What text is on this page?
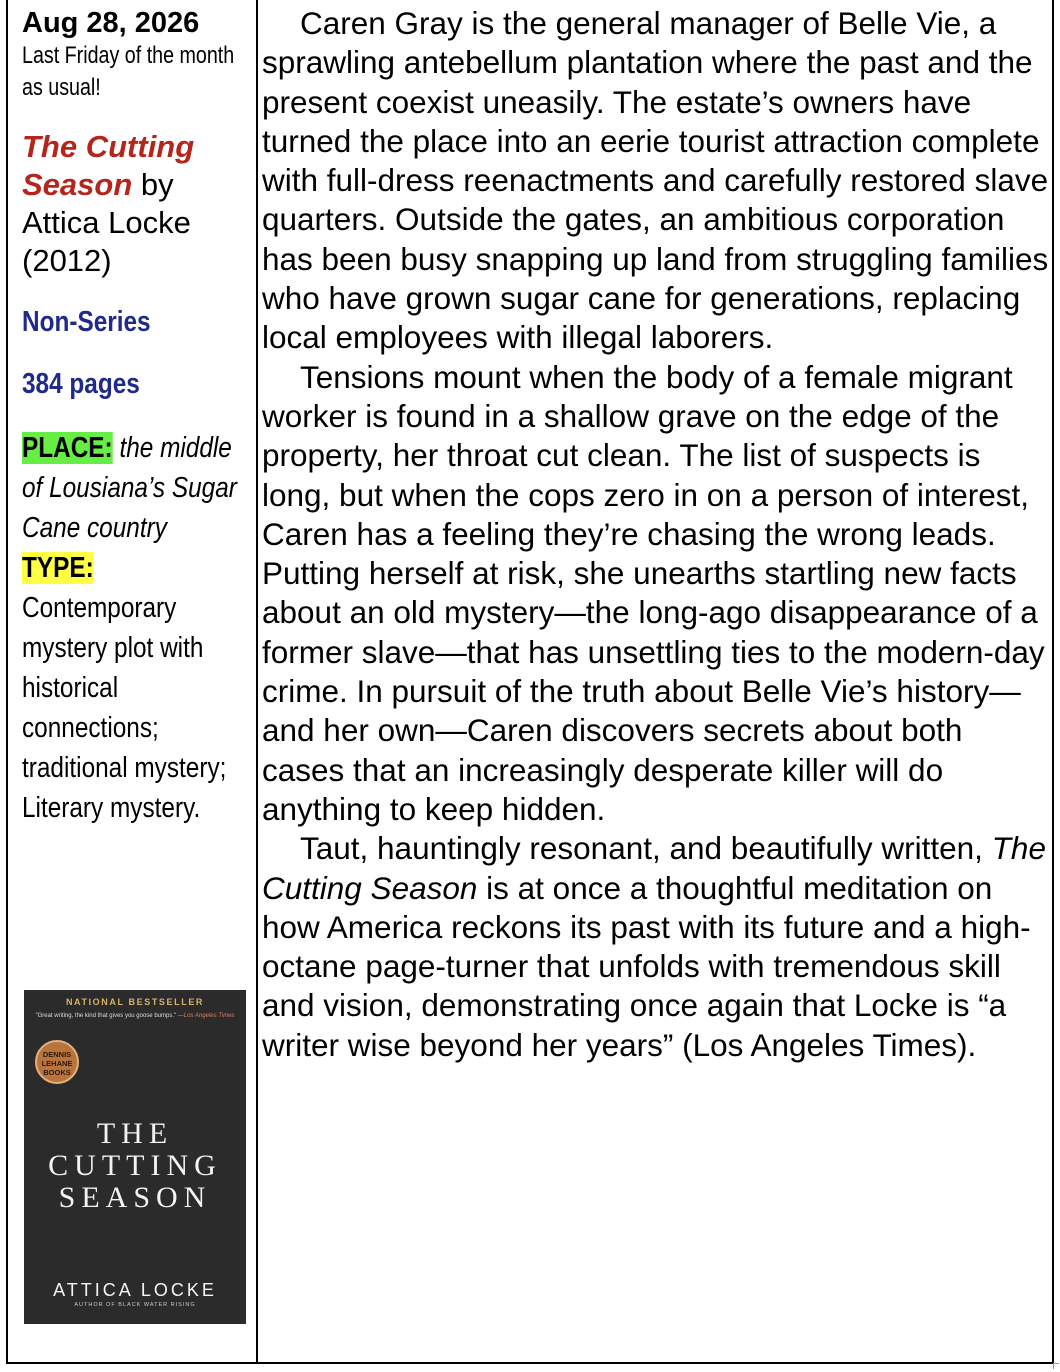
Aug 28, 2026
Last Friday of the month as usual!
The Cutting Season by
Attica Locke (2012)
Non-Series
384 pages
PLACE: the middle of Lousiana’s Sugar Cane country
TYPE:
Contemporary mystery plot with historical connections; traditional mystery; Literary mystery.
NATIONAL BESTSELLER
"Great writing, the kind that gives you goose bumps." —Los Angeles Times
DENNIS LEHANE BOOKS
THE
CUTTING
SEASON
ATTICA LOCKE
AUTHOR OF BLACK WATER RISING

Caren Gray is the general manager of Belle Vie, a sprawling antebellum plantation where the past and the present coexist uneasily. The estate’s owners have turned the place into an eerie tourist attraction complete with full-dress reenactments and carefully restored slave quarters. Outside the gates, an ambitious corporation has been busy snapping up land from struggling families who have grown sugar cane for generations, replacing local employees with illegal laborers.

Tensions mount when the body of a female migrant worker is found in a shallow grave on the edge of the property, her throat cut clean. The list of suspects is long, but when the cops zero in on a person of interest, Caren has a feeling they’re chasing the wrong leads. Putting herself at risk, she unearths startling new facts about an old mystery—the long-ago disappearance of a former slave—that has unsettling ties to the modern-day crime. In pursuit of the truth about Belle Vie’s history—and her own—Caren discovers secrets about both cases that an increasingly desperate killer will do anything to keep hidden.

Taut, hauntingly resonant, and beautifully written, The Cutting Season is at once a thoughtful meditation on how America reckons its past with its future and a high-octane page-turner that unfolds with tremendous skill and vision, demonstrating once again that Locke is “a writer wise beyond her years” (Los Angeles Times).
